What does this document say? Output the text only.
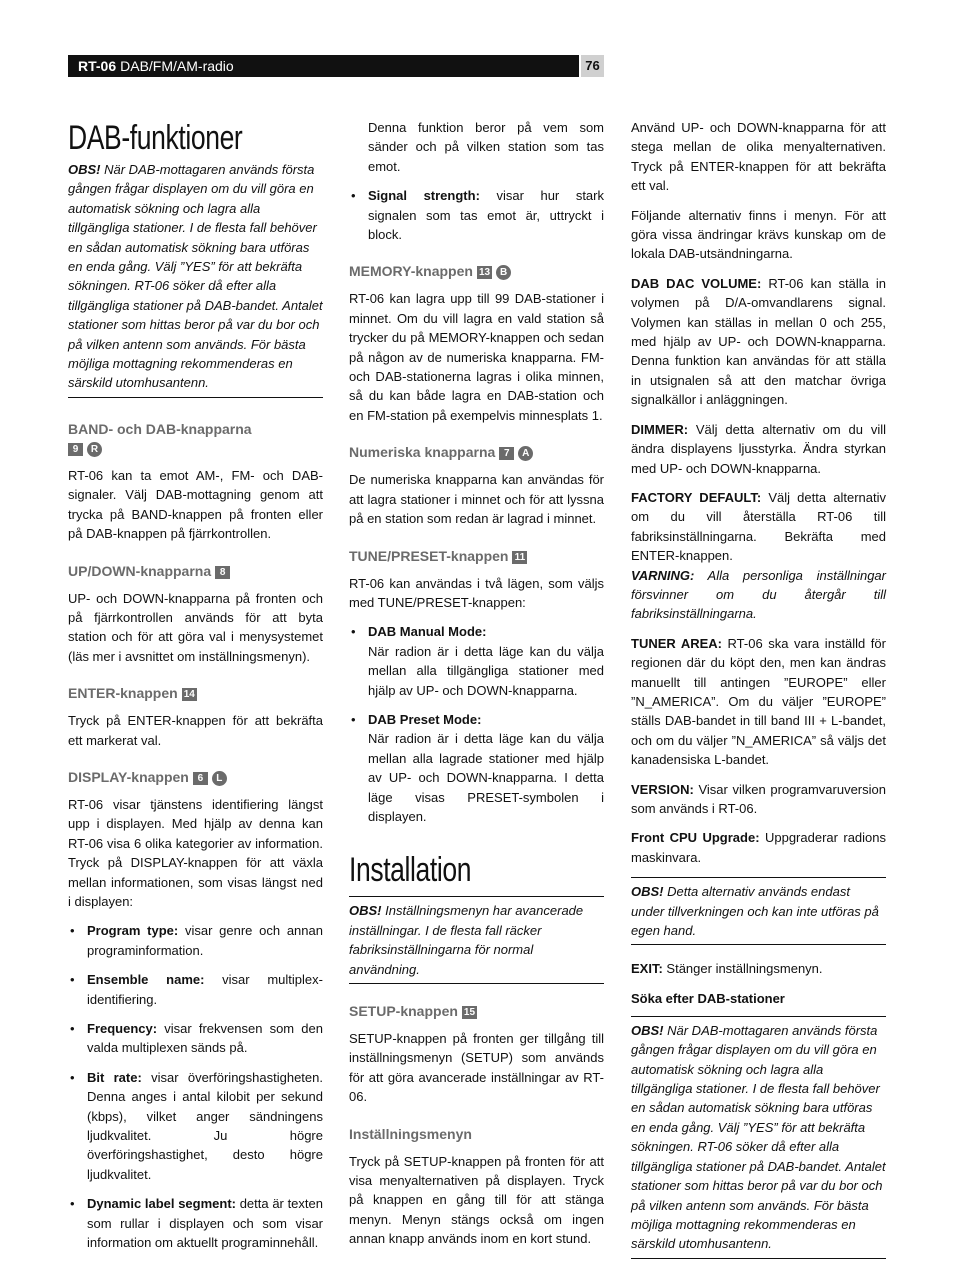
RT-06 DAB/FM/AM-radio	76
DAB-funktioner
OBS! När DAB-mottagaren används första gången frågar displayen om du vill göra en automatisk sökning och lagra alla tillgängliga stationer. I de flesta fall behöver en sådan automatisk sökning bara utföras en enda gång. Välj ”YES” för att bekräfta sökningen. RT-06 söker då efter alla tillgängliga stationer på DAB-bandet. Antalet stationer som hittas beror på var du bor och på vilken antenn som används. För bästa möjliga mottagning rekommenderas en särskild utomhusantenn.
BAND- och DAB-knapparna
9 R

RT-06 kan ta emot AM-, FM- och DAB-signaler. Välj DAB-mottagning genom att trycka på BAND-knappen på fronten eller på DAB-knappen på fjärrkontrollen.

UP/DOWN-knapparna 8

UP- och DOWN-knapparna på fronten och på fjärrkontrollen används för att byta station och för att göra val i menysystemet (läs mer i avsnittet om inställningsmenyn).

ENTER-knappen 14

Tryck på ENTER-knappen för att bekräfta ett markerat val.

DISPLAY-knappen 6 L

RT-06 visar tjänstens identifiering längst upp i displayen. Med hjälp av denna kan RT-06 visa 6 olika kategorier av information. Tryck på DISPLAY-knappen för att växla mellan informationen, som visas längst ned i displayen:

• Program type: visar genre och annan programinformation.
• Ensemble name: visar multiplex-identifiering.
• Frequency: visar frekvensen som den valda multiplexen sänds på.
• Bit rate: visar överföringshastigheten. Denna anges i antal kilobit per sekund (kbps), vilket anger sändningens ljudkvalitet. Ju högre överföringshastighet, desto högre ljudkvalitet.
• Dynamic label segment: detta är texten som rullar i displayen och som visar information om aktuellt programinnehåll.

Denna funktion beror på vem som sänder och på vilken station som tas emot.

• Signal strength: visar hur stark signalen som tas emot är, uttryckt i block.
MEMORY-knappen 13 B

RT-06 kan lagra upp till 99 DAB-stationer i minnet. Om du vill lagra en vald station så trycker du på MEMORY-knappen och sedan på någon av de numeriska knapparna. FM- och DAB-stationerna lagras i olika minnen, så du kan både lagra en DAB-station och en FM-station på exempelvis minnesplats 1.

Numeriska knapparna 7 A

De numeriska knapparna kan användas för att lagra stationer i minnet och för att lyssna på en station som redan är lagrad i minnet.

TUNE/PRESET-knappen 11

RT-06 kan användas i två lägen, som väljs med TUNE/PRESET-knappen:

• DAB Manual Mode:
När radion är i detta läge kan du välja mellan alla tillgängliga stationer med hjälp av UP- och DOWN-knapparna.
• DAB Preset Mode:
När radion är i detta läge kan du välja mellan alla lagrade stationer med hjälp av UP- och DOWN-knapparna. I detta läge visas PRESET-symbolen i displayen.
Installation
OBS! Inställningsmenyn har avancerade inställningar. I de flesta fall räcker fabriksinställningarna för normal användning.
SETUP-knappen 15

SETUP-knappen på fronten ger tillgång till inställningsmenyn (SETUP) som används för att göra avancerade inställningar av RT-06.

Inställningsmenyn

Tryck på SETUP-knappen på fronten för att visa menyalternativen på displayen. Tryck på knappen en gång till för att stänga menyn. Menyn stängs också om ingen annan knapp används inom en kort stund.

Använd UP- och DOWN-knapparna för att stega mellan de olika menyalternativen. Tryck på ENTER-knappen för att bekräfta ett val.

Följande alternativ finns i menyn. För att göra vissa ändringar krävs kunskap om de lokala DAB-utsändningarna.

DAB DAC VOLUME: RT-06 kan ställa in volymen på D/A-omvandlarens signal. Volymen kan ställas in mellan 0 och 255, med hjälp av UP- och DOWN-knapparna. Denna funktion kan användas för att ställa in utsignalen så att den matchar övriga signalkällor i anläggningen.

DIMMER: Välj detta alternativ om du vill ändra displayens ljusstyrka. Ändra styrkan med UP- och DOWN-knapparna.

FACTORY DEFAULT: Välj detta alternativ om du vill återställa RT-06 till fabriksinställningarna. Bekräfta med ENTER-knappen.

VARNING: Alla personliga inställningar försvinner om du återgår till fabriksinställningarna.

TUNER AREA: RT-06 ska vara inställd för regionen där du köpt den, men kan ändras manuellt till antingen ”EUROPE” eller ”N_AMERICA”. Om du väljer ”EUROPE” ställs DAB-bandet in till band III + L-bandet, och om du väljer ”N_AMERICA” så väljs det kanadensiska L-bandet.

VERSION: Visar vilken programvaruversion som används i RT-06.

Front CPU Upgrade: Uppgraderar radions maskinvara.

OBS! Detta alternativ används endast under tillverkningen och kan inte utföras på egen hand.

EXIT: Stänger inställningsmenyn.

Söka efter DAB-stationer
OBS! När DAB-mottagaren används första gången frågar displayen om du vill göra en automatisk sökning och lagra alla tillgängliga stationer. I de flesta fall behöver en sådan automatisk sökning bara utföras en enda gång. Välj ”YES” för att bekräfta sökningen. RT-06 söker då efter alla tillgängliga stationer på DAB-bandet. Antalet stationer som hittas beror på var du bor och på vilken antenn som används. För bästa möjliga mottagning rekommenderas en särskild utomhusantenn.
